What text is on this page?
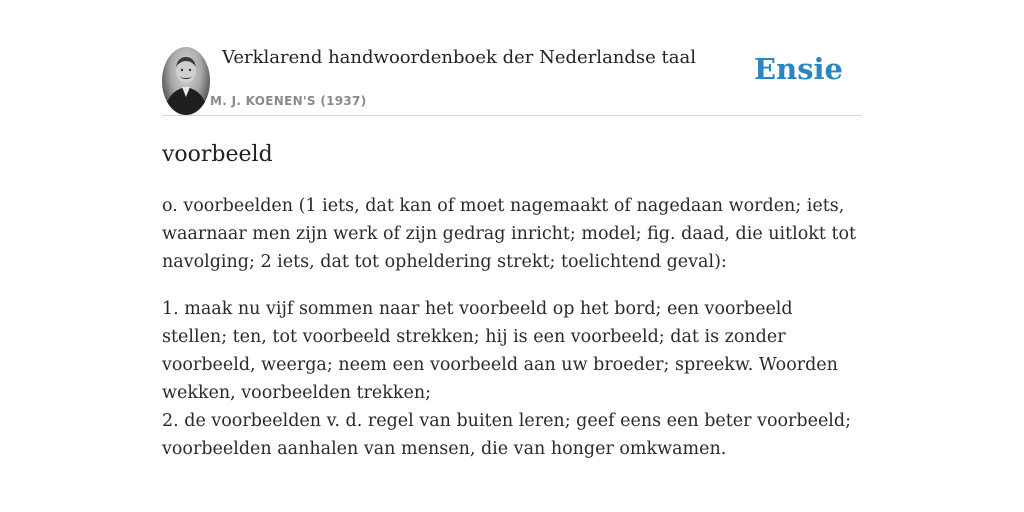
Verklarend handwoordenboek der Nederlandse taal
M. J. KOENEN'S (1937)
Ensie
voorbeeld

o. voorbeelden (1 iets, dat kan of moet nagemaakt of nagedaan worden; iets, waarnaar men zijn werk of zijn gedrag inricht; model; fig. daad, die uitlokt tot navolging; 2 iets, dat tot opheldering strekt; toelichtend geval):

1. maak nu vijf sommen naar het voorbeeld op het bord; een voorbeeld stellen; ten, tot voorbeeld strekken; hij is een voorbeeld; dat is zonder voorbeeld, weerga; neem een voorbeeld aan uw broeder; spreekw. Woorden wekken, voorbeelden trekken;
2. de voorbeelden v. d. regel van buiten leren; geef eens een beter voorbeeld; voorbeelden aanhalen van mensen, die van honger omkwamen.
